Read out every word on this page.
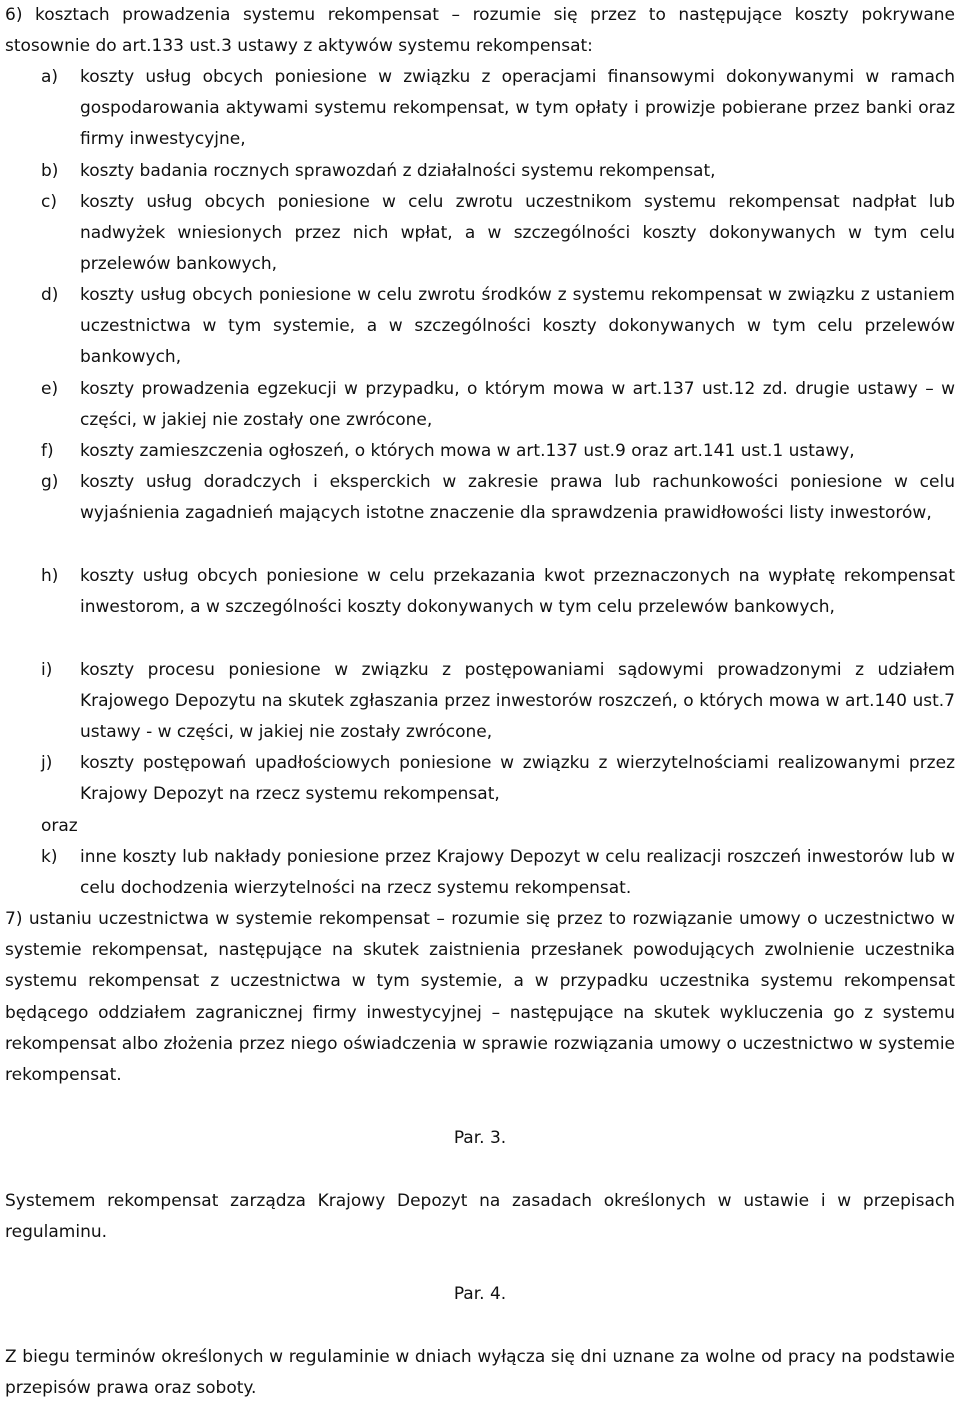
6) kosztach prowadzenia systemu rekompensat – rozumie się przez to następujące koszty pokrywane stosownie do art.133 ust.3 ustawy z aktywów systemu rekompensat:

a)	koszty usług obcych poniesione w związku z operacjami finansowymi dokonywanymi w ramach gospodarowania aktywami systemu rekompensat, w tym opłaty i prowizje pobierane przez banki oraz firmy inwestycyjne,
b)	koszty badania rocznych sprawozdań z działalności systemu rekompensat,
c)	koszty usług obcych poniesione w celu zwrotu uczestnikom systemu rekompensat nadpłat lub nadwyżek wniesionych przez nich wpłat, a w szczególności koszty dokonywanych w tym celu przelewów bankowych,
d)	koszty usług obcych poniesione w celu zwrotu środków z systemu rekompensat w związku z ustaniem uczestnictwa w tym systemie, a w szczególności koszty dokonywanych w tym celu przelewów bankowych,
e)	koszty prowadzenia egzekucji w przypadku, o którym mowa w art.137 ust.12 zd. drugie ustawy – w części, w jakiej nie zostały one zwrócone,
f)	koszty zamieszczenia ogłoszeń, o których mowa w art.137 ust.9 oraz art.141 ust.1 ustawy,
g)	koszty usług doradczych i eksperckich w zakresie prawa lub rachunkowości poniesione w celu wyjaśnienia zagadnień mających istotne znaczenie dla sprawdzenia prawidłowości listy inwestorów,
h)	koszty usług obcych poniesione w celu przekazania kwot przeznaczonych na wypłatę rekompensat inwestorom, a w szczególności koszty dokonywanych w tym celu przelewów bankowych,
i)	koszty procesu poniesione w związku z postępowaniami sądowymi prowadzonymi z udziałem Krajowego Depozytu na skutek zgłaszania przez inwestorów roszczeń, o których mowa w art.140 ust.7 ustawy - w części, w jakiej nie zostały zwrócone,
j)	koszty postępowań upadłościowych poniesione w związku z wierzytelnościami realizowanymi przez Krajowy Depozyt na rzecz systemu rekompensat,
oraz
k)	inne koszty lub nakłady poniesione przez Krajowy Depozyt w celu realizacji roszczeń inwestorów lub w celu dochodzenia wierzytelności na rzecz systemu rekompensat.

7) ustaniu uczestnictwa w systemie rekompensat – rozumie się przez to rozwiązanie umowy o uczestnictwo w systemie rekompensat, następujące na skutek zaistnienia przesłanek powodujących zwolnienie uczestnika systemu rekompensat z uczestnictwa w tym systemie, a w przypadku uczestnika systemu rekompensat będącego oddziałem zagranicznej firmy inwestycyjnej – następujące na skutek wykluczenia go z systemu rekompensat albo złożenia przez niego oświadczenia w sprawie rozwiązania umowy o uczestnictwo w systemie rekompensat.

Par. 3.

Systemem rekompensat zarządza Krajowy Depozyt na zasadach określonych w ustawie i w przepisach regulaminu.

Par. 4.

Z biegu terminów określonych w regulaminie w dniach wyłącza się dni uznane za wolne od pracy na podstawie przepisów prawa oraz soboty.
